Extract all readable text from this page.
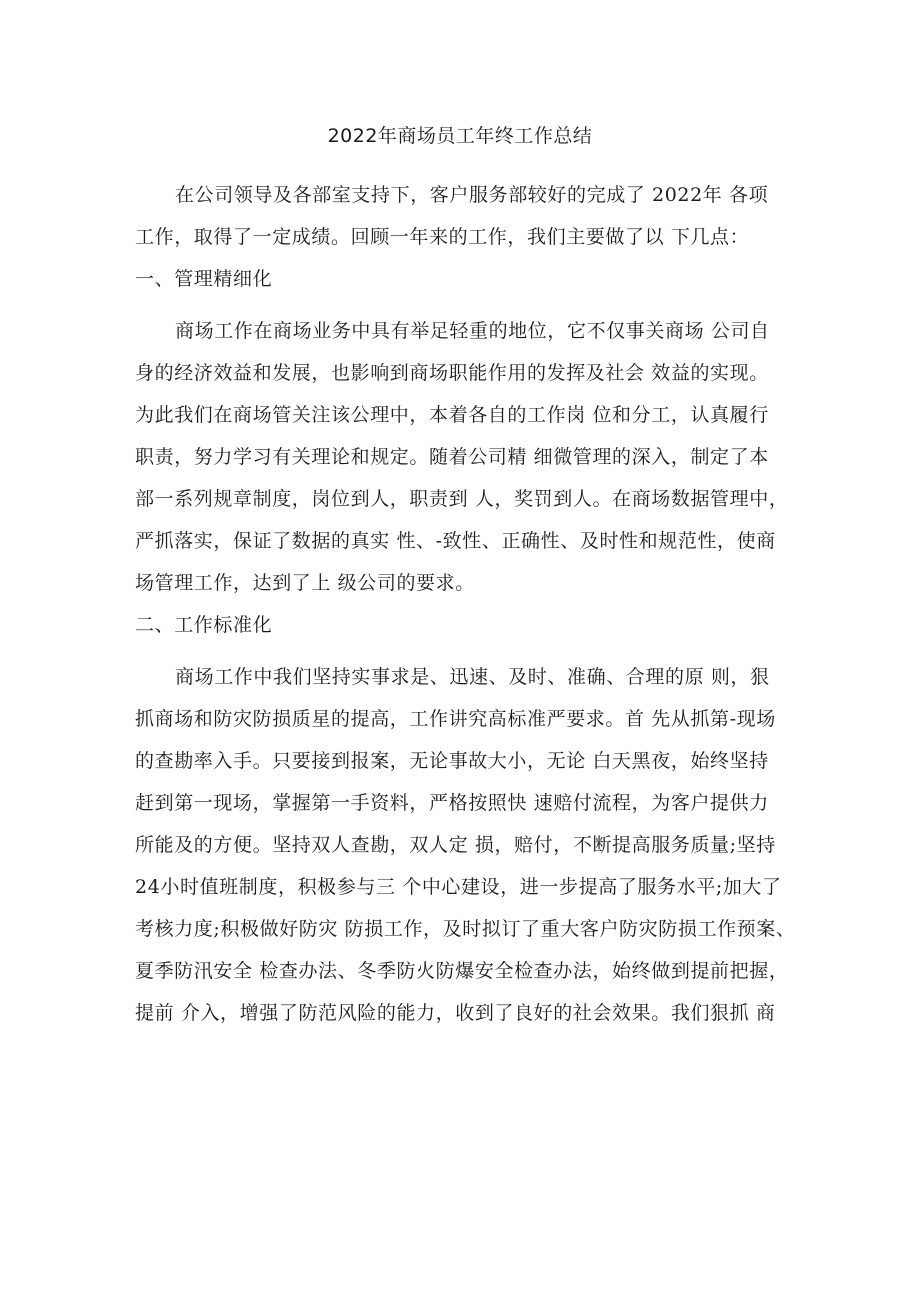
2022年商场员工年终工作总结
在公司领导及各部室支持下，客户服务部较好的完成了 2022年 各项
工作，取得了一定成绩。回顾一年来的工作，我们主要做了以 下几点：
一、管理精细化
商场工作在商场业务中具有举足轻重的地位，它不仅事关商场 公司自
身的经济效益和发展，也影响到商场职能作用的发挥及社会 效益的实现。
为此我们在商场管关注该公理中，本着各自的工作岗 位和分工，认真履行
职责，努力学习有关理论和规定。随着公司精 细微管理的深入，制定了本
部一系列规章制度，岗位到人，职责到 人，奖罚到人。在商场数据管理中，
严抓落实，保证了数据的真实 性、-致性、正确性、及时性和规范性，使商
场管理工作，达到了上 级公司的要求。
二、工作标准化
商场工作中我们坚持实事求是、迅速、及时、准确、合理的原 则，狠
抓商场和防灾防损质星的提高，工作讲究高标准严要求。首 先从抓第-现场
的查勘率入手。只要接到报案，无论事故大小，无论 白天黑夜，始终坚持
赶到第一现场，掌握第一手资料，严格按照快 速赔付流程，为客户提供力
所能及的方便。坚持双人查勘，双人定 损，赔付，不断提高服务质量;坚持
24小时值班制度，积极参与三 个中心建设，进一步提高了服务水平;加大了
考核力度;积极做好防灾 防损工作，及时拟订了重大客户防灾防损工作预案、
夏季防汛安全 检查办法、冬季防火防爆安全检查办法，始终做到提前把握，
提前 介入，增强了防范风险的能力，收到了良好的社会效果。我们狠抓 商
